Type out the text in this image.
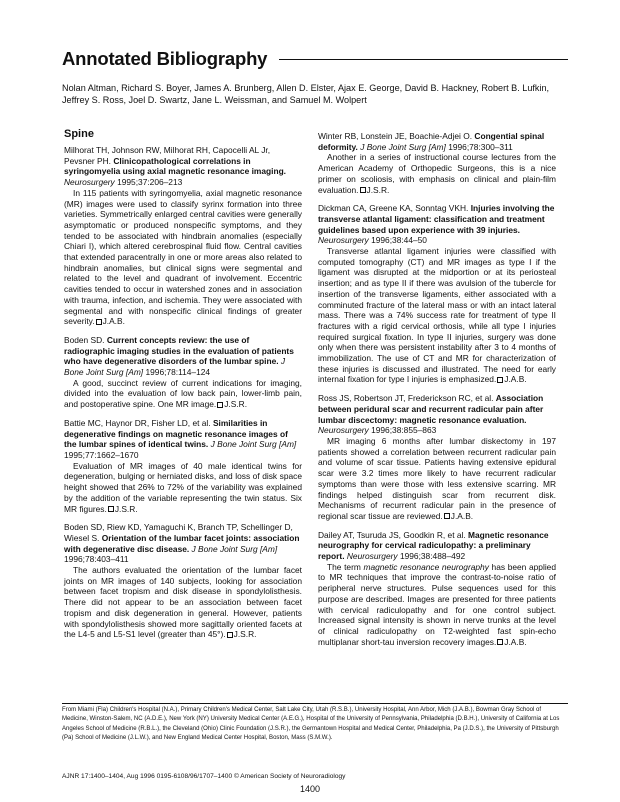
Annotated Bibliography
Nolan Altman, Richard S. Boyer, James A. Brunberg, Allen D. Elster, Ajax E. George, David B. Hackney, Robert B. Lufkin, Jeffrey S. Ross, Joel D. Swartz, Jane L. Weissman, and Samuel M. Wolpert
Spine
Milhorat TH, Johnson RW, Milhorat RH, Capocelli AL Jr, Pevsner PH. Clinicopathological correlations in syringomyelia using axial magnetic resonance imaging. Neurosurgery 1995;37:206–213
In 115 patients with syringomyelia, axial magnetic resonance (MR) images were used to classify syrinx formation into three varieties. Symmetrically enlarged central cavities were generally asymptomatic or produced nonspecific symptoms, and they tended to be associated with hindbrain anomalies (especially Chiari I), which altered cerebrospinal fluid flow. Central cavities that extended paracentrally in one or more areas also related to hindbrain anomalies, but clinical signs were segmental and related to the level and quadrant of involvement. Eccentric cavities tended to occur in watershed zones and in association with trauma, infection, and ischemia. They were associated with segmental and with nonspecific clinical findings of greater severity. J.A.B.
Boden SD. Current concepts review: the use of radiographic imaging studies in the evaluation of patients who have degenerative disorders of the lumbar spine. J Bone Joint Surg [Am] 1996;78:114–124
A good, succinct review of current indications for imaging, divided into the evaluation of low back pain, lower-limb pain, and postoperative spine. One MR image. J.S.R.
Battie MC, Haynor DR, Fisher LD, et al. Similarities in degenerative findings on magnetic resonance images of the lumbar spines of identical twins. J Bone Joint Surg [Am] 1995;77:1662–1670
Evaluation of MR images of 40 male identical twins for degeneration, bulging or herniated disks, and loss of disk space height showed that 26% to 72% of the variability was explained by the addition of the variable representing the twin status. Six MR figures. J.S.R.
Boden SD, Riew KD, Yamaguchi K, Branch TP, Schellinger D, Wiesel S. Orientation of the lumbar facet joints: association with degenerative disc disease. J Bone Joint Surg [Am] 1996;78:403–411
The authors evaluated the orientation of the lumbar facet joints on MR images of 140 subjects, looking for association between facet tropism and disk disease in spondylolisthesis. There did not appear to be an association between facet tropism and disk degeneration in general. However, patients with spondylolisthesis showed more sagittally oriented facets at the L4-5 and L5-S1 level (greater than 45°). J.S.R.
Winter RB, Lonstein JE, Boachie-Adjei O. Congential spinal deformity. J Bone Joint Surg [Am] 1996;78:300–311
Another in a series of instructional course lectures from the American Academy of Orthopedic Surgeons, this is a nice primer on scoliosis, with emphasis on clinical and plain-film evaluation. J.S.R.
Dickman CA, Greene KA, Sonntag VKH. Injuries involving the transverse atlantal ligament: classification and treatment guidelines based upon experience with 39 injuries. Neurosurgery 1996;38:44–50
Transverse atlantal ligament injuries were classified with computed tomography (CT) and MR images as type I if the ligament was disrupted at the midportion or at its periosteal insertion; and as type II if there was avulsion of the tubercle for insertion of the transverse ligaments, either associated with a comminuted fracture of the lateral mass or with an intact lateral mass. There was a 74% success rate for treatment of type II fractures with a rigid cervical orthosis, while all type I injuries required surgical fixation. In type II injuries, surgery was done only when there was persistent instability after 3 to 4 months of immobilization. The use of CT and MR for characterization of these injuries is discussed and illustrated. The need for early internal fixation for type I injuries is emphasized. J.A.B.
Ross JS, Robertson JT, Frederickson RC, et al. Association between peridural scar and recurrent radicular pain after lumbar discectomy: magnetic resonance evaluation. Neurosurgery 1996;38:855–863
MR imaging 6 months after lumbar diskectomy in 197 patients showed a correlation between recurrent radicular pain and volume of scar tissue. Patients having extensive epidural scar were 3.2 times more likely to have recurrent radicular symptoms than were those with less extensive scarring. MR findings helped distinguish scar from recurrent disk. Mechanisms of recurrent radicular pain in the presence of regional scar tissue are reviewed. J.A.B.
Dailey AT, Tsuruda JS, Goodkin R, et al. Magnetic resonance neurography for cervical radiculopathy: a preliminary report. Neurosurgery 1996;38:488–492
The term magnetic resonance neurography has been applied to MR techniques that improve the contrast-to-noise ratio of peripheral nerve structures. Pulse sequences used for this purpose are described. Images are presented for three patients with cervical radiculopathy and for one control subject. Increased signal intensity is shown in nerve trunks at the level of clinical radiculopathy on T2-weighted fast spin-echo multiplanar short-tau inversion recovery images. J.A.B.
From Miami (Fla) Children's Hospital (N.A.), Primary Children's Medical Center, Salt Lake City, Utah (R.S.B.), University Hospital, Ann Arbor, Mich (J.A.B.), Bowman Gray School of Medicine, Winston-Salem, NC (A.D.E.), New York (NY) University Medical Center (A.E.G.), Hospital of the University of Pennsylvania, Philadelphia (D.B.H.), University of California at Los Angeles School of Medicine (R.B.L.), the Cleveland (Ohio) Clinic Foundation (J.S.R.), the Germantown Hospital and Medical Center, Philadelphia, Pa (J.D.S.), the University of Pittsburgh (Pa) School of Medicine (J.L.W.), and New England Medical Center Hospital, Boston, Mass (S.M.W.).
AJNR 17:1400–1404, Aug 1996 0195-6108/96/1707–1400 © American Society of Neuroradiology
1400
